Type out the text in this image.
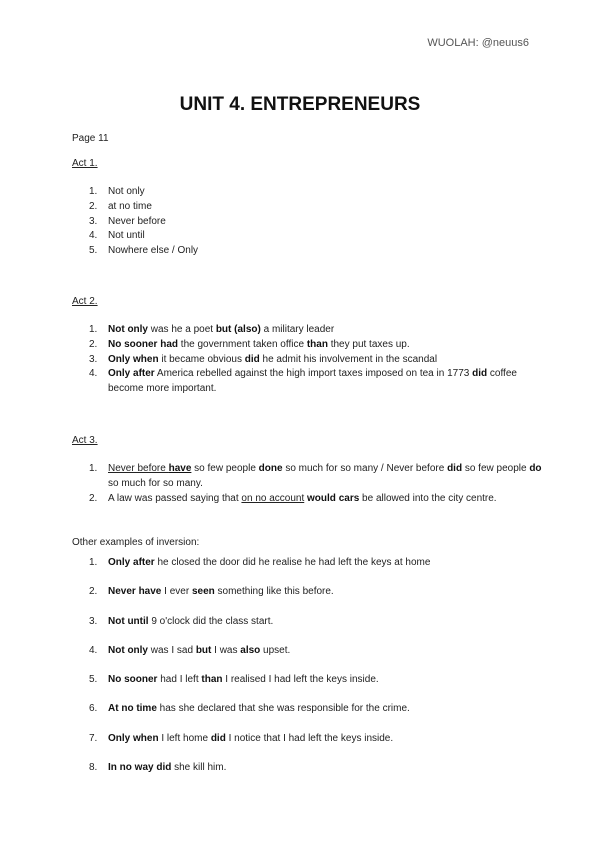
WUOLAH: @neuus6
UNIT 4. ENTREPRENEURS
Page 11
Act 1.
1. Not only
2. at no time
3. Never before
4. Not until
5. Nowhere else / Only
Act 2.
1. Not only was he a poet but (also) a military leader
2. No sooner had the government taken office than they put taxes up.
3. Only when it became obvious did he admit his involvement in the scandal
4. Only after America rebelled against the high import taxes imposed on tea in 1773 did coffee become more important.
Act 3.
1. Never before have so few people done so much for so many / Never before did so few people do so much for so many.
2. A law was passed saying that on no account would cars be allowed into the city centre.
Other examples of inversion:
1. Only after he closed the door did he realise he had left the keys at home
2. Never have I ever seen something like this before.
3. Not until 9 o'clock did the class start.
4. Not only was I sad but I was also upset.
5. No sooner had I left than I realised I had left the keys inside.
6. At no time has she declared that she was responsible for the crime.
7. Only when I left home did I notice that I had left the keys inside.
8. In no way did she kill him.
